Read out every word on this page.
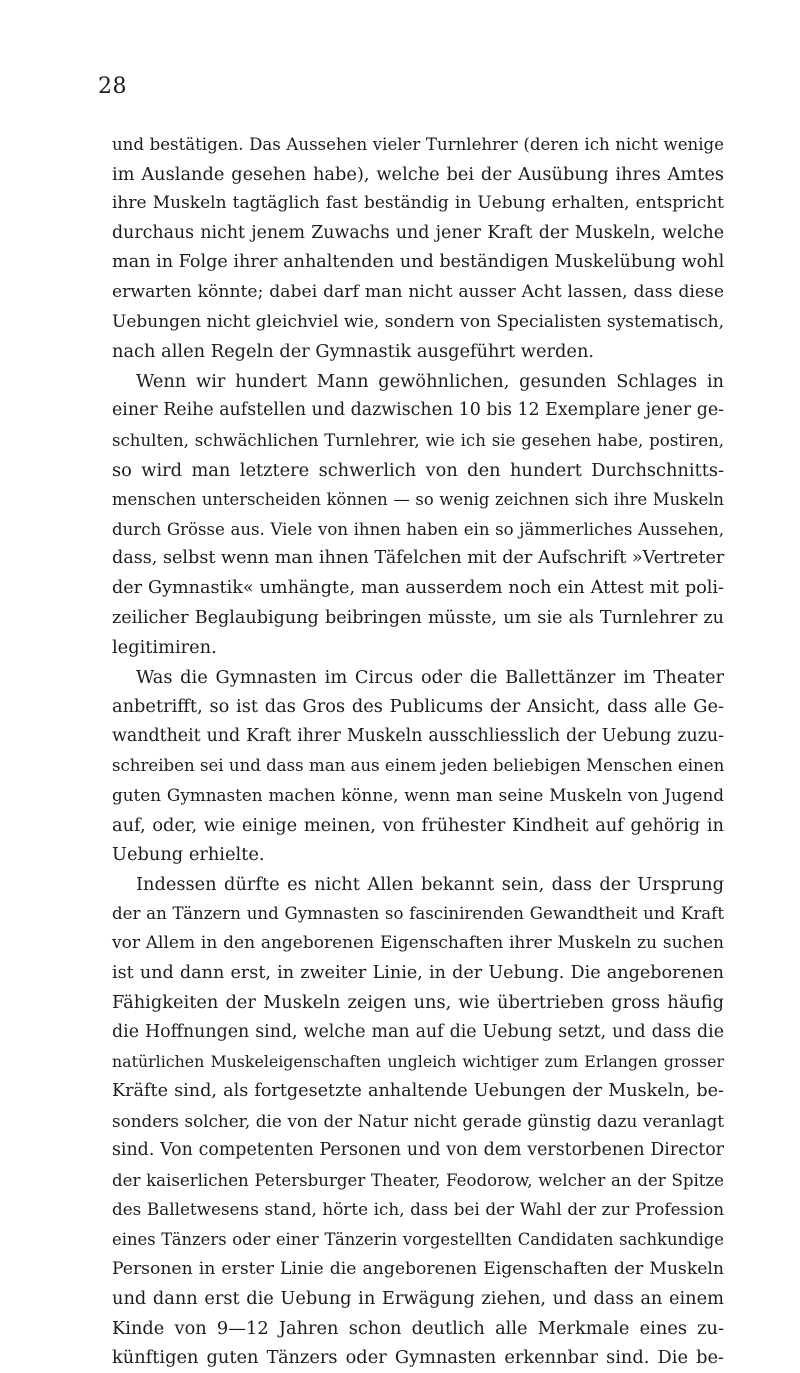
28
und bestätigen. Das Aussehen vieler Turnlehrer (deren ich nicht wenige
im Auslande gesehen habe), welche bei der Ausübung ihres Amtes
ihre Muskeln tagtäglich fast beständig in Uebung erhalten, entspricht
durchaus nicht jenem Zuwachs und jener Kraft der Muskeln, welche
man in Folge ihrer anhaltenden und beständigen Muskelübung wohl
erwarten könnte; dabei darf man nicht ausser Acht lassen, dass diese
Uebungen nicht gleichviel wie, sondern von Specialisten systematisch,
nach allen Regeln der Gymnastik ausgeführt werden.
Wenn wir hundert Mann gewöhnlichen, gesunden Schlages in
einer Reihe aufstellen und dazwischen 10 bis 12 Exemplare jener ge-
schulten, schwächlichen Turnlehrer, wie ich sie gesehen habe, postiren,
so wird man letztere schwerlich von den hundert Durchschnitts-
menschen unterscheiden können — so wenig zeichnen sich ihre Muskeln
durch Grösse aus. Viele von ihnen haben ein so jämmerliches Aussehen,
dass, selbst wenn man ihnen Täfelchen mit der Aufschrift »Vertreter
der Gymnastik« umhängte, man ausserdem noch ein Attest mit poli-
zeilicher Beglaubigung beibringen müsste, um sie als Turnlehrer zu
legitimiren.
Was die Gymnasten im Circus oder die Ballettänzer im Theater
anbetrifft, so ist das Gros des Publicums der Ansicht, dass alle Ge-
wandtheit und Kraft ihrer Muskeln ausschliesslich der Uebung zuzu-
schreiben sei und dass man aus einem jeden beliebigen Menschen einen
guten Gymnasten machen könne, wenn man seine Muskeln von Jugend
auf, oder, wie einige meinen, von frühester Kindheit auf gehörig in
Uebung erhielte.
Indessen dürfte es nicht Allen bekannt sein, dass der Ursprung
der an Tänzern und Gymnasten so fascinirenden Gewandtheit und Kraft
vor Allem in den angeborenen Eigenschaften ihrer Muskeln zu suchen
ist und dann erst, in zweiter Linie, in der Uebung. Die angeborenen
Fähigkeiten der Muskeln zeigen uns, wie übertrieben gross häufig
die Hoffnungen sind, welche man auf die Uebung setzt, und dass die
natürlichen Muskeleigenschaften ungleich wichtiger zum Erlangen grosser
Kräfte sind, als fortgesetzte anhaltende Uebungen der Muskeln, be-
sonders solcher, die von der Natur nicht gerade günstig dazu veranlagt
sind. Von competenten Personen und von dem verstorbenen Director
der kaiserlichen Petersburger Theater, Feodorow, welcher an der Spitze
des Balletwesens stand, hörte ich, dass bei der Wahl der zur Profession
eines Tänzers oder einer Tänzerin vorgestellten Candidaten sachkundige
Personen in erster Linie die angeborenen Eigenschaften der Muskeln
und dann erst die Uebung in Erwägung ziehen, und dass an einem
Kinde von 9—12 Jahren schon deutlich alle Merkmale eines zu-
künftigen guten Tänzers oder Gymnasten erkennbar sind. Die be-
